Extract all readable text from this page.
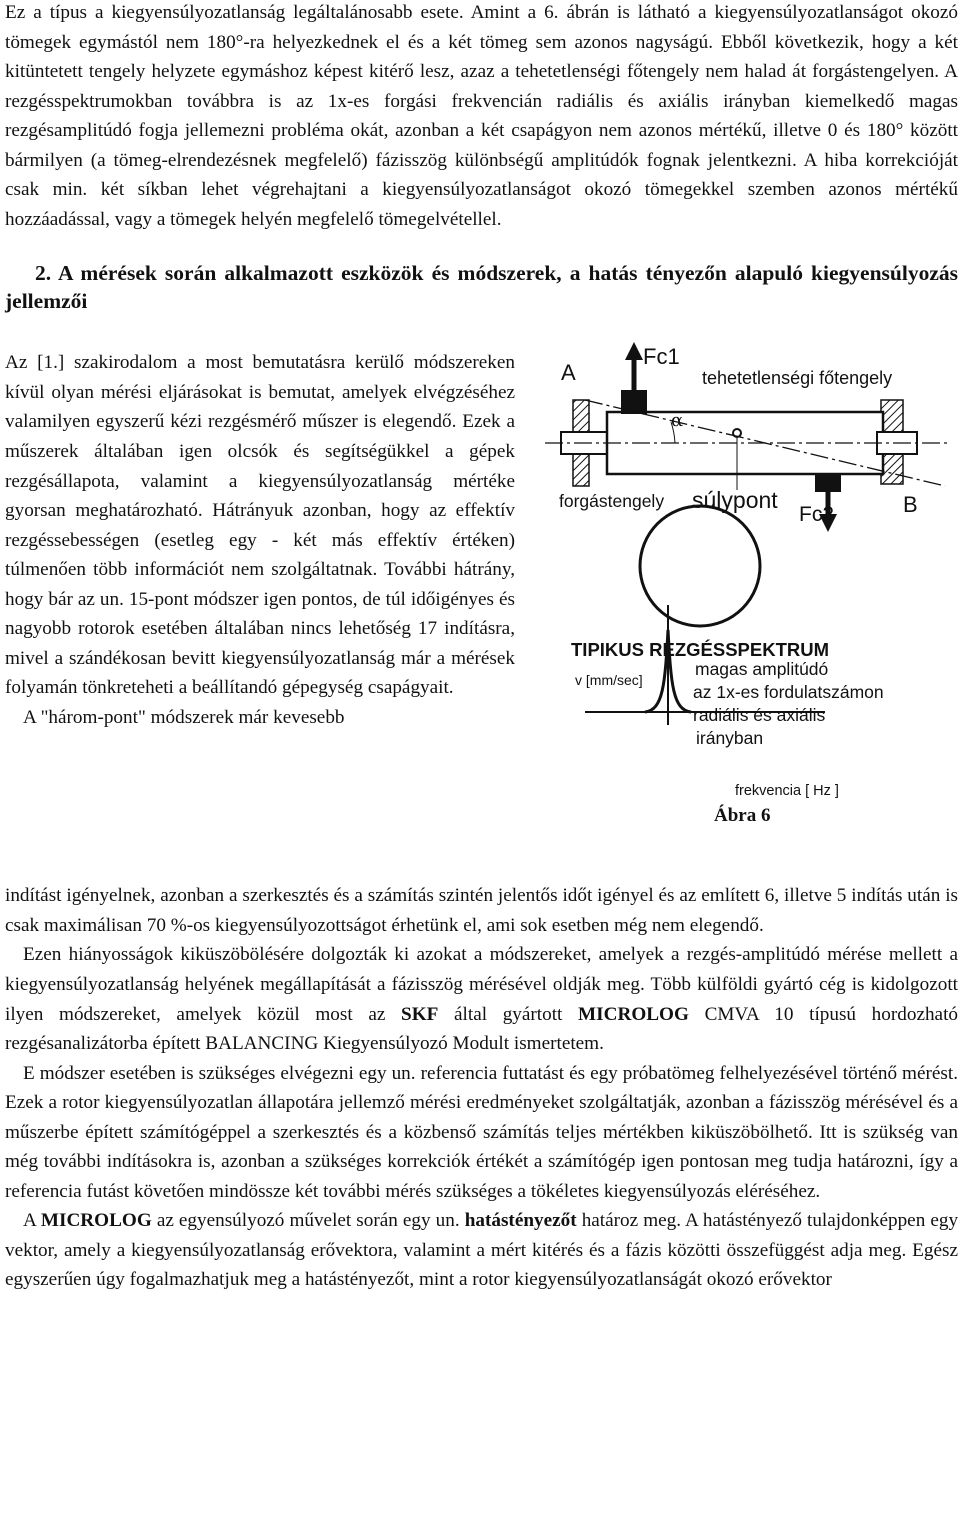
Ez a típus a kiegyensúlyozatlanság legáltalánosabb esete. Amint a 6. ábrán is látható a kiegyensúlyozatlanságot okozó tömegek egymástól nem 180°-ra helyezkednek el és a két tömeg sem azonos nagyságú. Ebből következik, hogy a két kitüntetett tengely helyzete egymáshoz képest kitérő lesz, azaz a tehetetlenségi főtengely nem halad át forgástengelyen. A rezgésspektrumokban továbbra is az 1x-es forgási frekvencián radiális és axiális irányban kiemelkedő magas rezgésamplitúdó fogja jellemezni probléma okát, azonban a két csapágyon nem azonos mértékű, illetve 0 és 180° között bármilyen (a tömeg-elrendezésnek megfelelő) fázisszög különbségű amplitúdók fognak jelentkezni. A hiba korrekcióját csak min. két síkban lehet végrehajtani a kiegyensúlyozatlanságot okozó tömegekkel szemben azonos mértékű hozzáadással, vagy a tömegek helyén megfelelő tömegelvétellel.

2. A mérések során alkalmazott eszközök és módszerek, a hatás tényezőn alapuló kiegyensúlyozás jellemzői

Az [1.] szakirodalom a most bemutatásra kerülő módszereken kívül olyan mérési eljárásokat is bemutat, amelyek elvégzéséhez valamilyen egyszerű kézi rezgésmérő műszer is elegendő. Ezek a műszerek általában igen olcsók és segítségükkel a gépek rezgésállapota, valamint a kiegyensúlyozatlanság mértéke gyorsan meghatározható. Hátrányuk azonban, hogy az effektív rezgéssebességen (esetleg egy - két más effektív értéken) túlmenően több információt nem szolgáltatnak. További hátrány, hogy bár az un. 15-pont módszer igen pontos, de túl időigényes és nagyobb rotorok esetében általában nincs lehetőség 17 indításra, mivel a szándékosan bevitt kiegyensúlyozatlanság már a mérések folyamán tönkreteheti a beállítandó gépegység csapágyait.

A "három-pont" módszerek már kevesebb

A
Fc1
tehetetlenségi főtengely
α
forgástengely súlypont
Fc2	B
TIPIKUS REZGÉSSPEKTRUM
v [mm/sec]
magas amplitúdó
az 1x-es fordulatszámon
radiális és axiális
irányban
frekvencia [ Hz ]
Ábra 6

indítást igényelnek, azonban a szerkesztés és a számítás szintén jelentős időt igényel és az említett 6, illetve 5 indítás után is csak maximálisan 70 %-os kiegyensúlyozottságot érhetünk el, ami sok esetben még nem elegendő.

Ezen hiányosságok kiküszöbölésére dolgozták ki azokat a módszereket, amelyek a rezgés-amplitúdó mérése mellett a kiegyensúlyozatlanság helyének megállapítását a fázisszög mérésével oldják meg. Több külföldi gyártó cég is kidolgozott ilyen módszereket, amelyek közül most az SKF által gyártott MICROLOG CMVA 10 típusú hordozható rezgésanalizátorba épített BALANCING Kiegyensúlyozó Modult ismertetem.

E módszer esetében is szükséges elvégezni egy un. referencia futtatást és egy próbatömeg felhelyezésével történő mérést. Ezek a rotor kiegyensúlyozatlan állapotára jellemző mérési eredményeket szolgáltatják, azonban a fázisszög mérésével és a műszerbe épített számítógéppel a szerkesztés és a közbenső számítás teljes mértékben kiküszöbölhető. Itt is szükség van még további indításokra is, azonban a szükséges korrekciók értékét a számítógép igen pontosan meg tudja határozni, így a referencia futást követően mindössze két további mérés szükséges a tökéletes kiegyensúlyozás eléréséhez.

A MICROLOG az egyensúlyozó művelet során egy un. hatástényezőt határoz meg. A hatástényező tulajdonképpen egy vektor, amely a kiegyensúlyozatlanság erővektora, valamint a mért kitérés és a fázis közötti összefüggést adja meg. Egész egyszerűen úgy fogalmazhatjuk meg a hatástényezőt, mint a rotor kiegyensúlyozatlanságát okozó erővektor
